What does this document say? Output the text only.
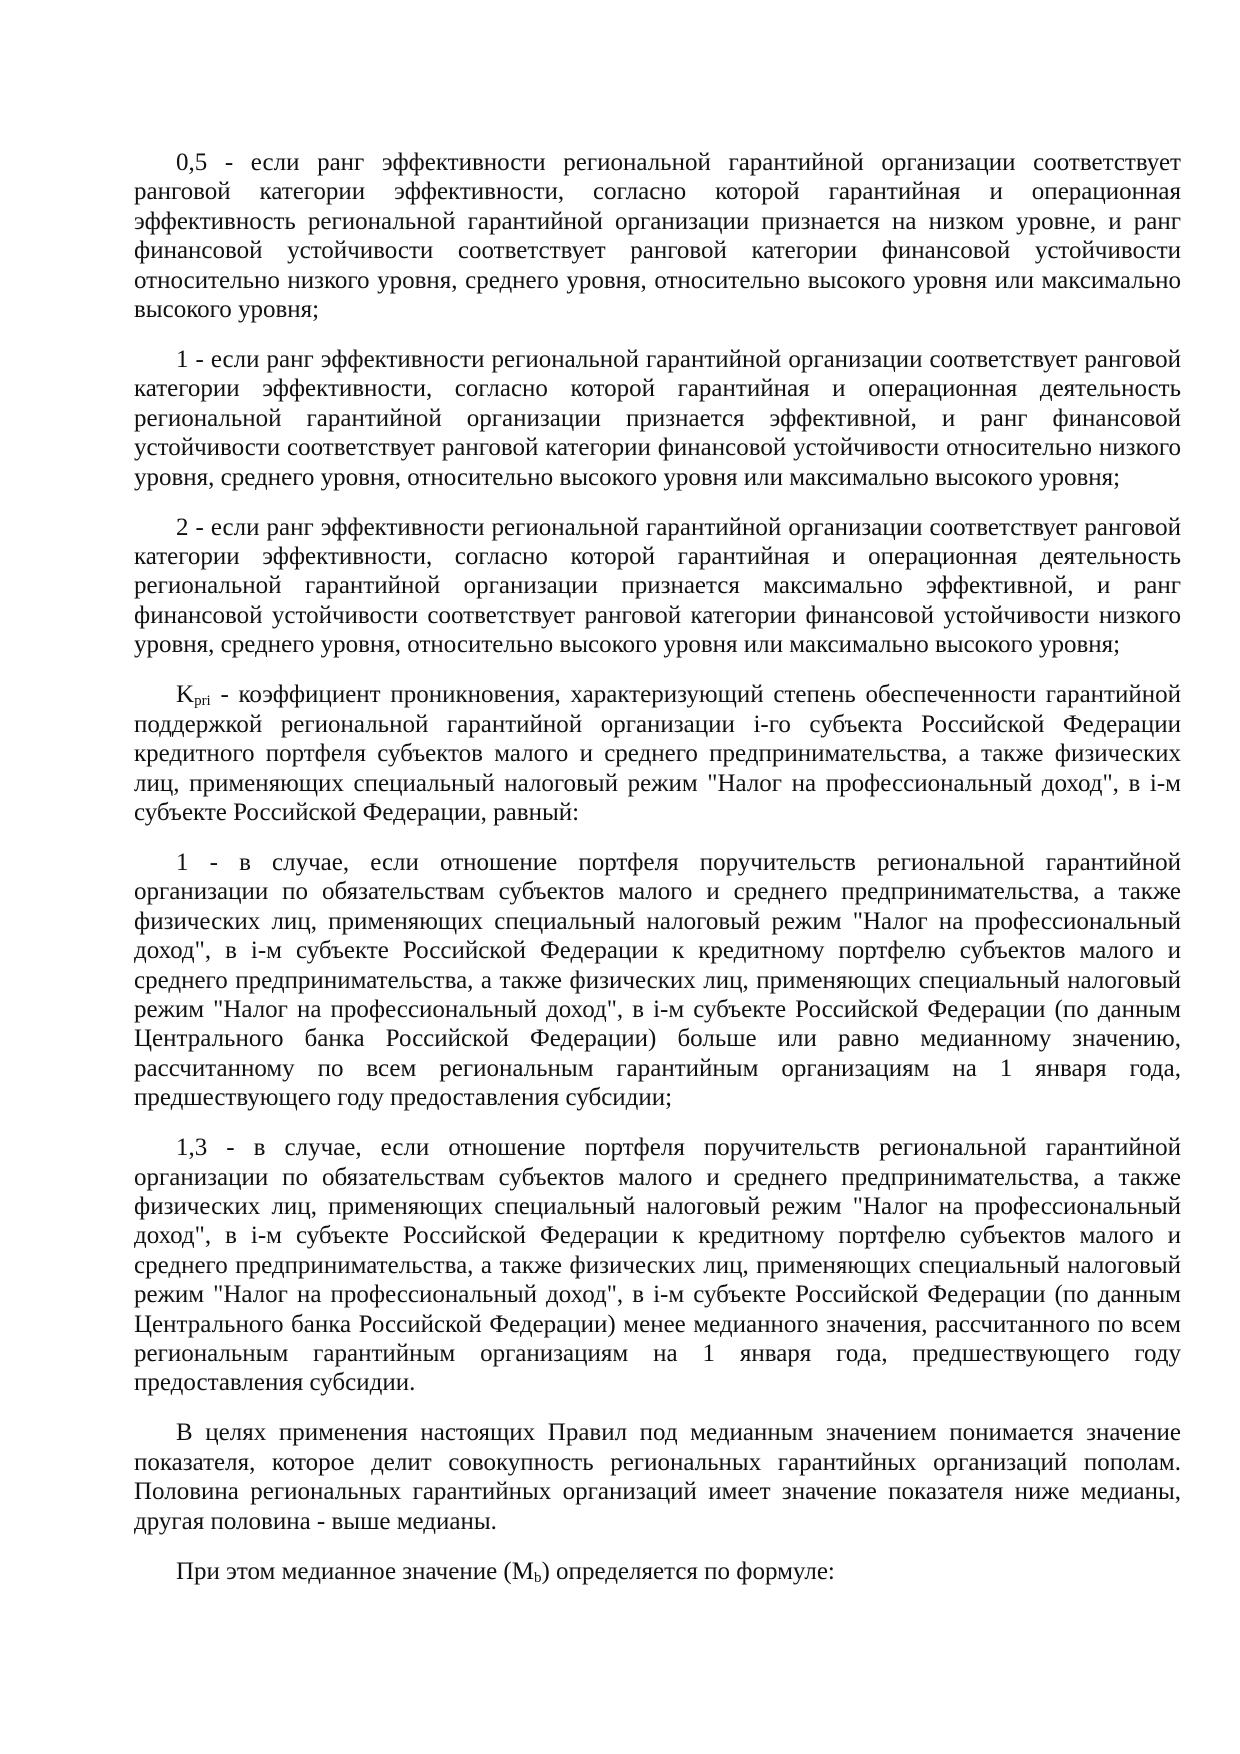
0,5 - если ранг эффективности региональной гарантийной организации соответствует ранговой категории эффективности, согласно которой гарантийная и операционная эффективность региональной гарантийной организации признается на низком уровне, и ранг финансовой устойчивости соответствует ранговой категории финансовой устойчивости относительно низкого уровня, среднего уровня, относительно высокого уровня или максимально высокого уровня;

1 - если ранг эффективности региональной гарантийной организации соответствует ранговой категории эффективности, согласно которой гарантийная и операционная деятельность региональной гарантийной организации признается эффективной, и ранг финансовой устойчивости соответствует ранговой категории финансовой устойчивости относительно низкого уровня, среднего уровня, относительно высокого уровня или максимально высокого уровня;

2 - если ранг эффективности региональной гарантийной организации соответствует ранговой категории эффективности, согласно которой гарантийная и операционная деятельность региональной гарантийной организации признается максимально эффективной, и ранг финансовой устойчивости соответствует ранговой категории финансовой устойчивости низкого уровня, среднего уровня, относительно высокого уровня или максимально высокого уровня;

$K_{pri}$ - коэффициент проникновения, характеризующий степень обеспеченности гарантийной поддержкой региональной гарантийной организации i-го субъекта Российской Федерации кредитного портфеля субъектов малого и среднего предпринимательства, а также физических лиц, применяющих специальный налоговый режим "Налог на профессиональный доход", в i-м субъекте Российской Федерации, равный:

1 - в случае, если отношение портфеля поручительств региональной гарантийной организации по обязательствам субъектов малого и среднего предпринимательства, а также физических лиц, применяющих специальный налоговый режим "Налог на профессиональный доход", в i-м субъекте Российской Федерации к кредитному портфелю субъектов малого и среднего предпринимательства, а также физических лиц, применяющих специальный налоговый режим "Налог на профессиональный доход", в i-м субъекте Российской Федерации (по данным Центрального банка Российской Федерации) больше или равно медианному значению, рассчитанному по всем региональным гарантийным организациям на 1 января года, предшествующего году предоставления субсидии;

1,3 - в случае, если отношение портфеля поручительств региональной гарантийной организации по обязательствам субъектов малого и среднего предпринимательства, а также физических лиц, применяющих специальный налоговый режим "Налог на профессиональный доход", в i-м субъекте Российской Федерации к кредитному портфелю субъектов малого и среднего предпринимательства, а также физических лиц, применяющих специальный налоговый режим "Налог на профессиональный доход", в i-м субъекте Российской Федерации (по данным Центрального банка Российской Федерации) менее медианного значения, рассчитанного по всем региональным гарантийным организациям на 1 января года, предшествующего году предоставления субсидии.

В целях применения настоящих Правил под медианным значением понимается значение показателя, которое делит совокупность региональных гарантийных организаций пополам. Половина региональных гарантийных организаций имеет значение показателя ниже медианы, другая половина - выше медианы.

При этом медианное значение $(M_b)$ определяется по формуле:
